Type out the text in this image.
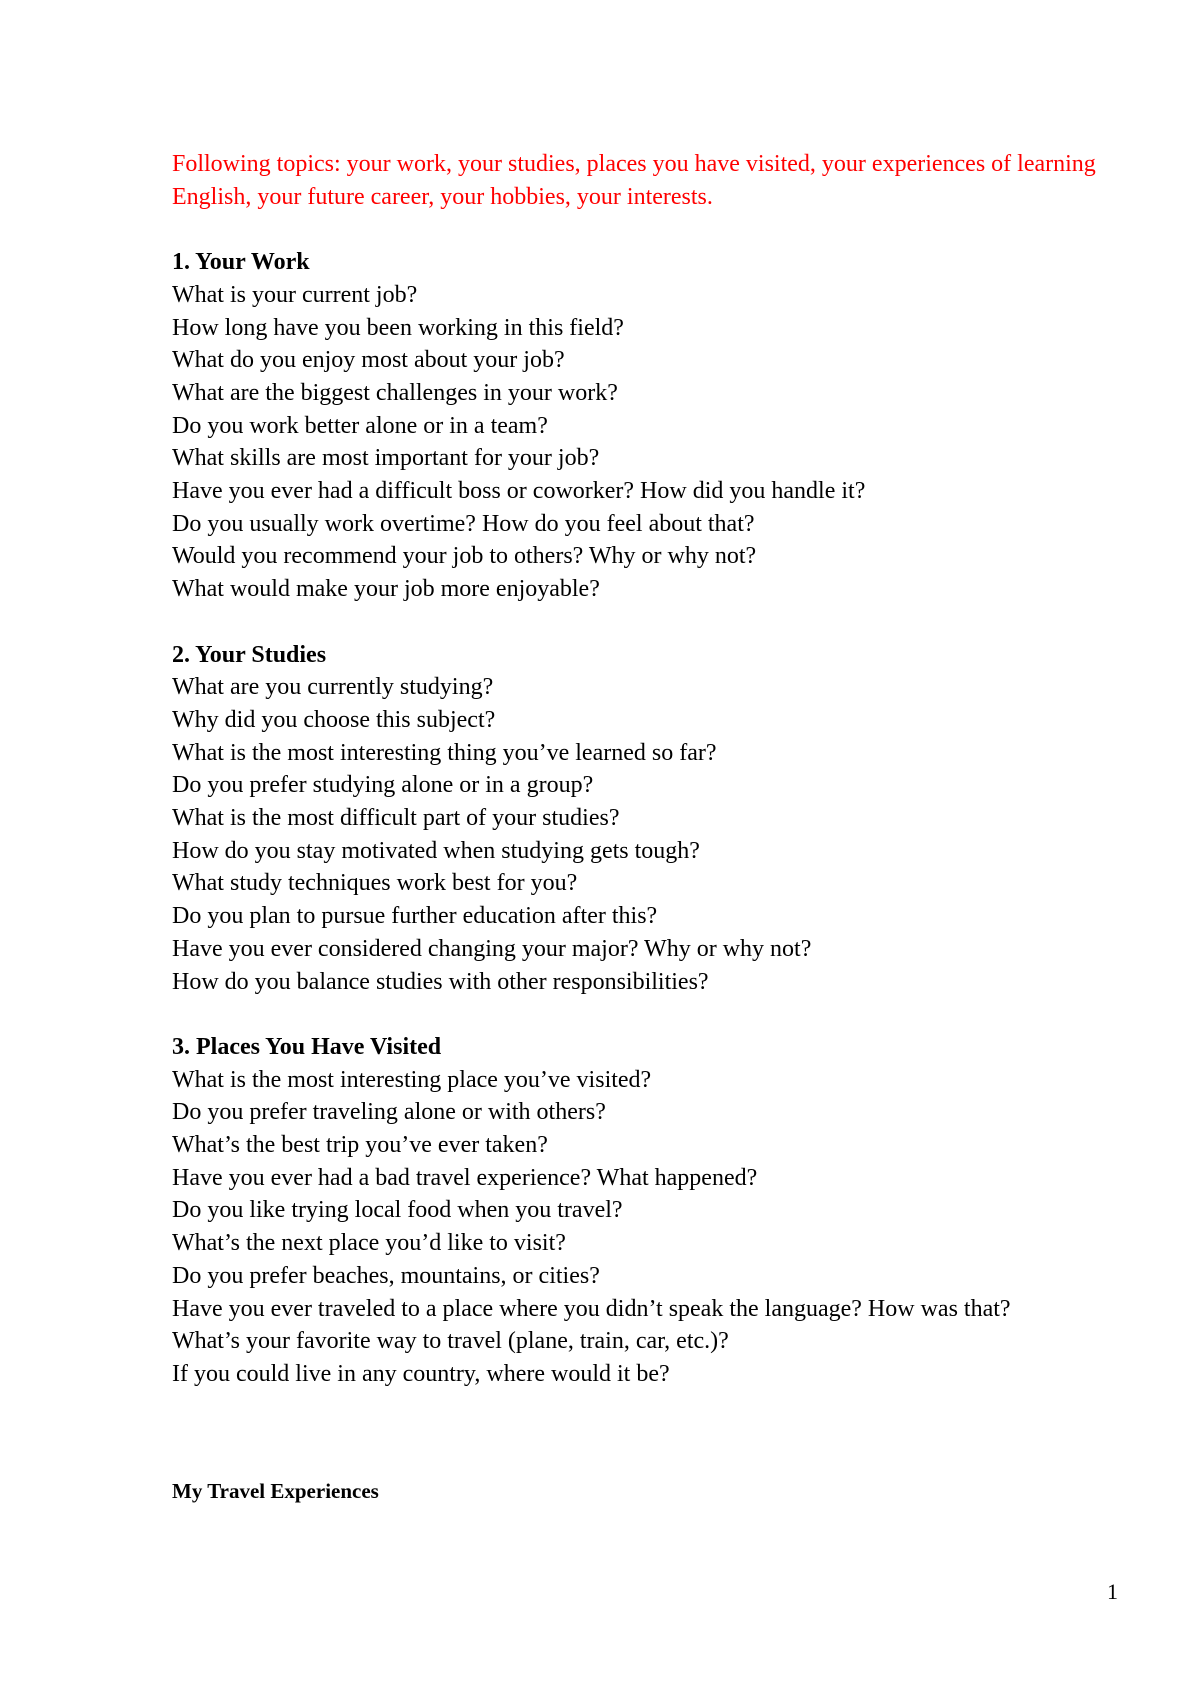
Following topics: your work, your studies, places you have visited, your experiences of learning English, your future career, your hobbies, your interests.

1. Your Work

What is your current job?
How long have you been working in this field?
What do you enjoy most about your job?
What are the biggest challenges in your work?
Do you work better alone or in a team?
What skills are most important for your job?
Have you ever had a difficult boss or coworker? How did you handle it?
Do you usually work overtime? How do you feel about that?
Would you recommend your job to others? Why or why not?
What would make your job more enjoyable?

2. Your Studies

What are you currently studying?
Why did you choose this subject?
What is the most interesting thing you’ve learned so far?
Do you prefer studying alone or in a group?
What is the most difficult part of your studies?
How do you stay motivated when studying gets tough?
What study techniques work best for you?
Do you plan to pursue further education after this?
Have you ever considered changing your major? Why or why not?
How do you balance studies with other responsibilities?

3. Places You Have Visited

What is the most interesting place you’ve visited?
Do you prefer traveling alone or with others?
What’s the best trip you’ve ever taken?
Have you ever had a bad travel experience? What happened?
Do you like trying local food when you travel?
What’s the next place you’d like to visit?
Do you prefer beaches, mountains, or cities?
Have you ever traveled to a place where you didn’t speak the language? How was that?
What’s your favorite way to travel (plane, train, car, etc.)?
If you could live in any country, where would it be?

My Travel Experiences

1
